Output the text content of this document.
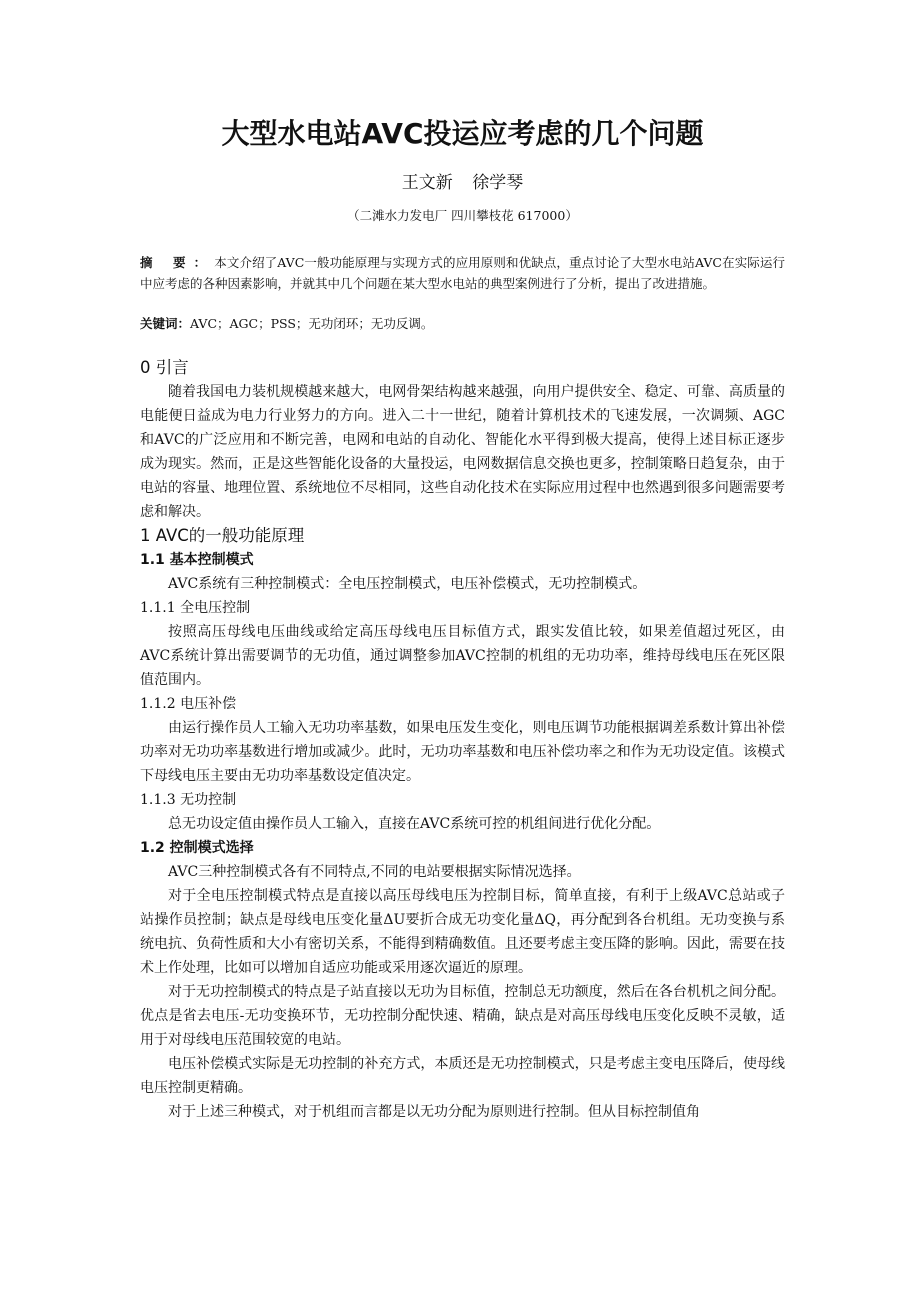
大型水电站AVC投运应考虑的几个问题
王文新 徐学琴
（二滩水力发电厂 四川攀枝花 617000）
摘 要：本文介绍了AVC一般功能原理与实现方式的应用原则和优缺点，重点讨论了大型水电站AVC在实际运行中应考虑的各种因素影响，并就其中几个问题在某大型水电站的典型案例进行了分析，提出了改进措施。
关键词：AVC；AGC；PSS；无功闭环；无功反调。
0 引言

随着我国电力装机规模越来越大，电网骨架结构越来越强，向用户提供安全、稳定、可靠、高质量的电能便日益成为电力行业努力的方向。进入二十一世纪，随着计算机技术的飞速发展，一次调频、AGC和AVC的广泛应用和不断完善，电网和电站的自动化、智能化水平得到极大提高，使得上述目标正逐步成为现实。然而，正是这些智能化设备的大量投运，电网数据信息交换也更多，控制策略日趋复杂，由于电站的容量、地理位置、系统地位不尽相同，这些自动化技术在实际应用过程中也然遇到很多问题需要考虑和解决。

1 AVC的一般功能原理
1.1 基本控制模式

AVC系统有三种控制模式：全电压控制模式，电压补偿模式，无功控制模式。

1.1.1 全电压控制

按照高压母线电压曲线或给定高压母线电压目标值方式，跟实发值比较，如果差值超过死区，由AVC系统计算出需要调节的无功值，通过调整参加AVC控制的机组的无功功率，维持母线电压在死区限值范围内。

1.1.2 电压补偿

由运行操作员人工输入无功功率基数，如果电压发生变化，则电压调节功能根据调差系数计算出补偿功率对无功功率基数进行增加或减少。此时，无功功率基数和电压补偿功率之和作为无功设定值。该模式下母线电压主要由无功功率基数设定值决定。

1.1.3 无功控制

总无功设定值由操作员人工输入，直接在AVC系统可控的机组间进行优化分配。

1.2 控制模式选择

AVC三种控制模式各有不同特点,不同的电站要根据实际情况选择。

对于全电压控制模式特点是直接以高压母线电压为控制目标，简单直接，有利于上级AVC总站或子站操作员控制；缺点是母线电压变化量ΔU要折合成无功变化量ΔQ，再分配到各台机组。无功变换与系统电抗、负荷性质和大小有密切关系，不能得到精确数值。且还要考虑主变压降的影响。因此，需要在技术上作处理，比如可以增加自适应功能或采用逐次逼近的原理。

对于无功控制模式的特点是子站直接以无功为目标值，控制总无功额度，然后在各台机机之间分配。优点是省去电压-无功变换环节，无功控制分配快速、精确，缺点是对高压母线电压变化反映不灵敏，适用于对母线电压范围较宽的电站。

电压补偿模式实际是无功控制的补充方式，本质还是无功控制模式，只是考虑主变电压降后，使母线电压控制更精确。

对于上述三种模式，对于机组而言都是以无功分配为原则进行控制。但从目标控制值角
